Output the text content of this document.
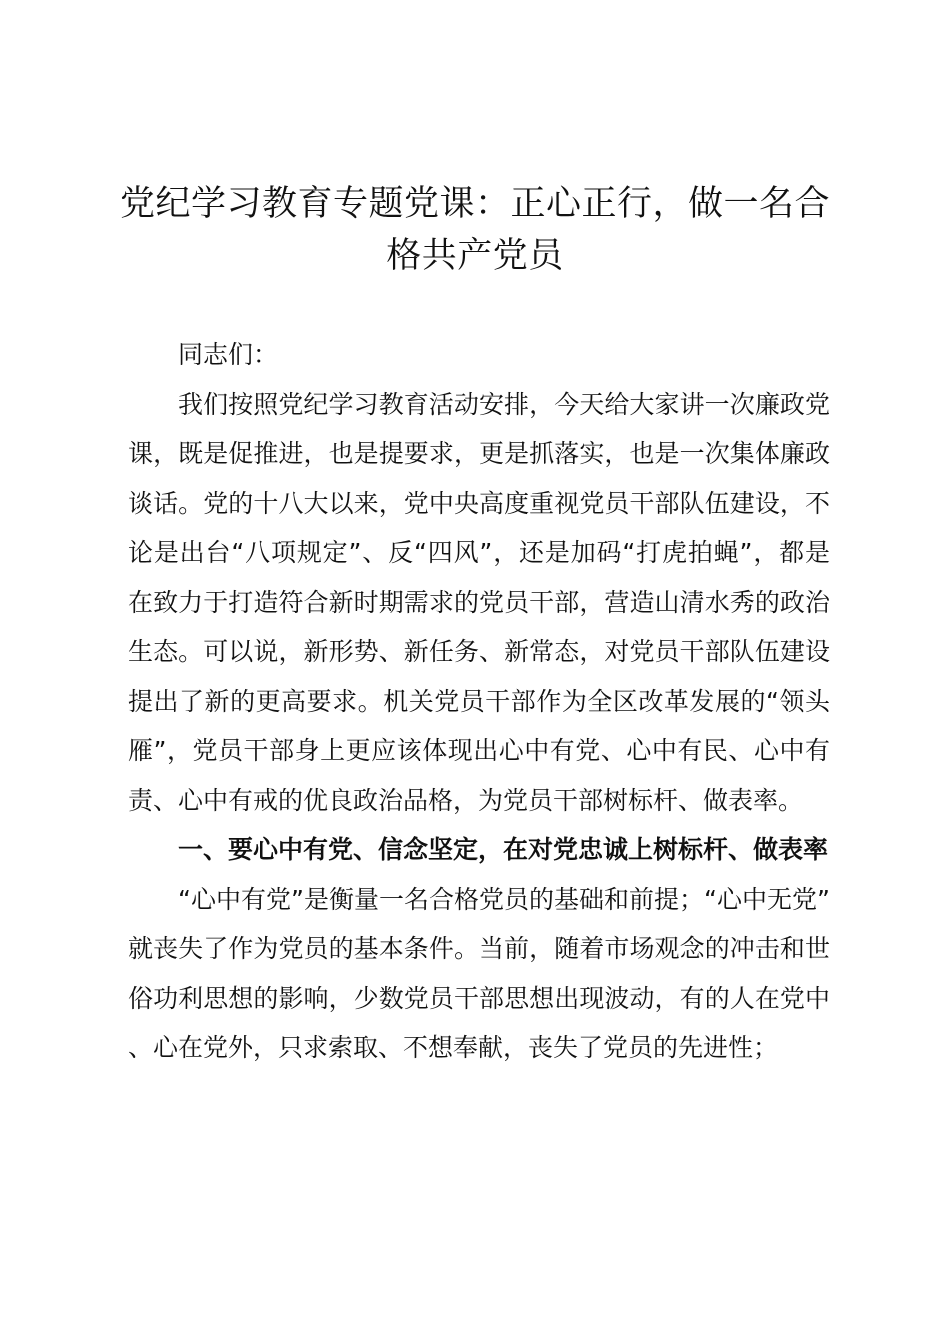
党纪学习教育专题党课：正心正行，做一名合
格共产党员

同志们：

我们按照党纪学习教育活动安排，今天给大家讲一次廉政党课，既是促推进，也是提要求，更是抓落实，也是一次集体廉政谈话。党的十八大以来，党中央高度重视党员干部队伍建设，不论是出台“八项规定”、反“四风”，还是加码“打虎拍蝇”，都是在致力于打造符合新时期需求的党员干部，营造山清水秀的政治生态。可以说，新形势、新任务、新常态，对党员干部队伍建设提出了新的更高要求。机关党员干部作为全区改革发展的“领头雁”，党员干部身上更应该体现出心中有党、心中有民、心中有责、心中有戒的优良政治品格，为党员干部树标杆、做表率。

一、要心中有党、信念坚定，在对党忠诚上树标杆、做表率

“心中有党”是衡量一名合格党员的基础和前提；“心中无党”就丧失了作为党员的基本条件。当前，随着市场观念的冲击和世俗功利思想的影响，少数党员干部思想出现波动，有的人在党中、心在党外，只求索取、不想奉献，丧失了党员的先进性；
